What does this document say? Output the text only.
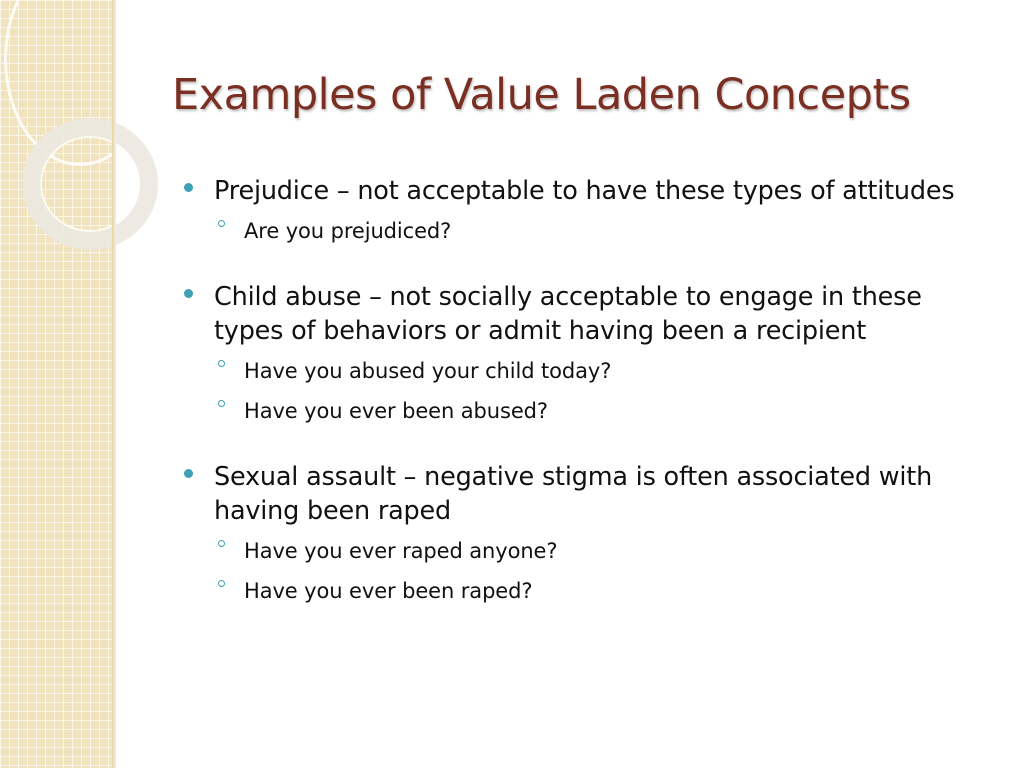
Examples of Value Laden Concepts
Prejudice – not acceptable to have these types of attitudes
Are you prejudiced?
Child abuse – not socially acceptable to engage in these types of behaviors or admit having been a recipient
Have you abused your child today?
Have you ever been abused?
Sexual assault – negative stigma is often associated with having been raped
Have you ever raped anyone?
Have you ever been raped?
